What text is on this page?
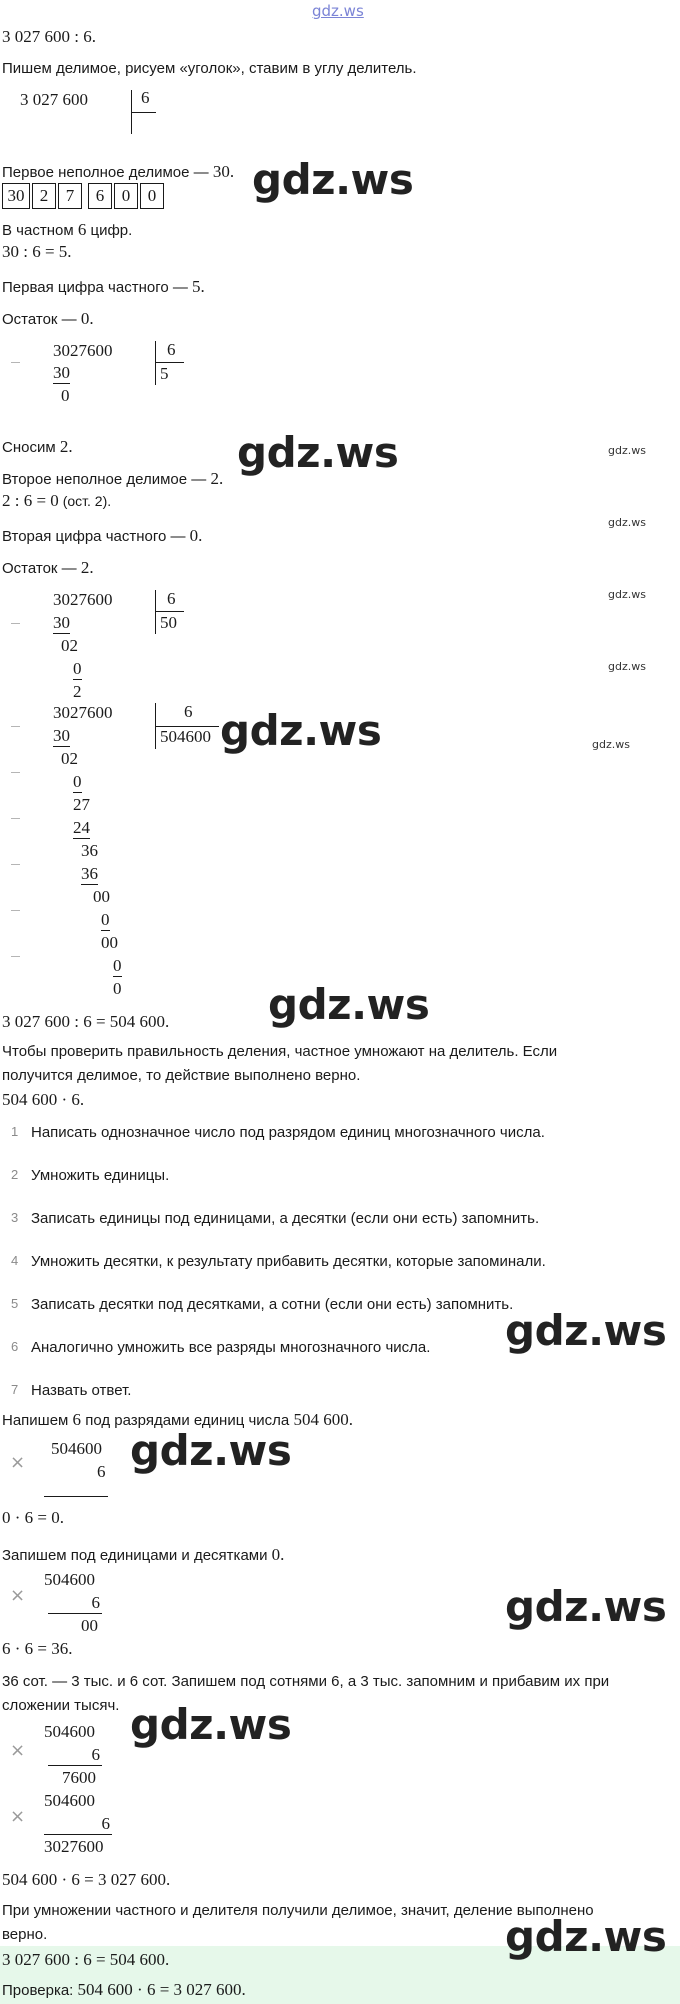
gdz.ws
3 027 600 : 6.
Пишем делимое, рисуем «уголок», ставим в углу делитель.
3 027 600	6
Первое неполное делимое — 30.
30 2 7 6 0 0
В частном 6 цифр.
30 : 6 = 5.
Первая цифра частного — 5.
Остаток — 0.
3027600	6
5
30
0
Сносим 2.
Второе неполное делимое — 2.
2 : 6 = 0 (ост. 2).
Вторая цифра частного — 0.
Остаток — 2.
3027600	6
50
30
02
0
2
3027600	6
504600
30
02
0
27
24
36
36
00
0
00
0
0
3 027 600 : 6 = 504 600.
Чтобы проверить правильность деления, частное умножают на делитель. Если
получится делимое, то действие выполнено верно.
504 600 · 6.
1 Написать однозначное число под разрядом единиц многозначного числа.
2 Умножить единицы.
3 Записать единицы под единицами, а десятки (если они есть) запомнить.
4 Умножить десятки, к результату прибавить десятки, которые запоминали.
5 Записать десятки под десятками, а сотни (если они есть) запомнить.
6 Аналогично умножить все разряды многозначного числа.
7 Назвать ответ.
Напишем 6 под разрядами единиц числа 504 600.
×
504600
6
0 · 6 = 0.
Запишем под единицами и десятками 0.
×
504600
6
00
6 · 6 = 36.
36 сот. — 3 тыс. и 6 сот. Запишем под сотнями 6, а 3 тыс. запомним и прибавим их при
сложении тысяч.
×
504600
6
7600
×
504600
6
3027600
504 600 · 6 = 3 027 600.
При умножении частного и делителя получили делимое, значит, деление выполнено
верно.
3 027 600 : 6 = 504 600.
Проверка: 504 600 · 6 = 3 027 600.
gdz.ws
gdz.ws
gdz.ws
gdz.ws
gdz.ws
gdz.ws
gdz.ws
gdz.ws
gdz.ws
gdz.ws
gdz.ws
gdz.ws
gdz.ws
gdz.ws
